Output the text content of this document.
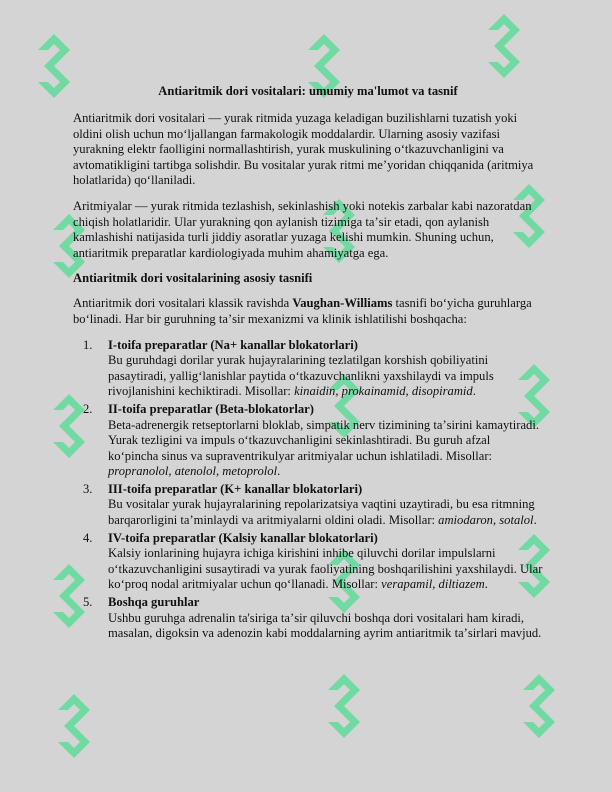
Antiaritmik dori vositalari: umumiy ma'lumot va tasnif

Antiaritmik dori vositalari — yurak ritmida yuzaga keladigan buzilishlarni tuzatish yoki oldini olish uchun moʻljallangan farmakologik moddalardir. Ularning asosiy vazifasi yurakning elektr faolligini normallashtirish, yurak muskulining oʻtkazuvchanligini va avtomatikligini tartibga solishdir. Bu vositalar yurak ritmi meʼyoridan chiqqanida (aritmiya holatlarida) qoʻllaniladi.

Aritmiyalar — yurak ritmida tezlashish, sekinlashish yoki notekis zarbalar kabi nazoratdan chiqish holatlaridir. Ular yurakning qon aylanish tizimiga taʼsir etadi, qon aylanish kamlashishi natijasida turli jiddiy asoratlar yuzaga kelishi mumkin. Shuning uchun, antiaritmik preparatlar kardiologiyada muhim ahamiyatga ega.

Antiaritmik dori vositalarining asosiy tasnifi

Antiaritmik dori vositalari klassik ravishda Vaughan-Williams tasnifi boʻyicha guruhlarga boʻlinadi. Har bir guruhning taʼsir mexanizmi va klinik ishlatilishi boshqacha:

1. I-toifa preparatlar (Na+ kanallar blokatorlari)
Bu guruhdagi dorilar yurak hujayralarining tezlatilgan korshish qobiliyatini pasaytiradi, yallig‘lanishlar paytida oʻtkazuvchanlikni yaxshilaydi va impuls rivojlanishini kechiktiradi. Misollar: kinaidin, prokainamid, disopiramid.
2. II-toifa preparatlar (Beta-blokatorlar)
Beta-adrenergik retseptorlarni bloklab, simpatik nerv tizimining taʼsirini kamaytiradi. Yurak tezligini va impuls oʻtkazuvchanligini sekinlashtiradi. Bu guruh afzal koʻpincha sinus va supraventrikulyar aritmiyalar uchun ishlatiladi. Misollar: propranolol, atenolol, metoprolol.
3. III-toifa preparatlar (K+ kanallar blokatorlari)
Bu vositalar yurak hujayralarining repolarizatsiya vaqtini uzaytiradi, bu esa ritmning barqarorligini taʼminlaydi va aritmiyalarni oldini oladi. Misollar: amiodaron, sotalol.
4. IV-toifa preparatlar (Kalsiy kanallar blokatorlari)
Kalsiy ionlarining hujayra ichiga kirishini inhibe qiluvchi dorilar impulslarni oʻtkazuvchanligini susaytiradi va yurak faoliyatining boshqarilishini yaxshilaydi. Ular koʻproq nodal aritmiyalar uchun qoʻllanadi. Misollar: verapamil, diltiazem.
5. Boshqa guruhlar
Ushbu guruhga adrenalin ta'siriga taʼsir qiluvchi boshqa dori vositalari ham kiradi, masalan, digoksin va adenozin kabi moddalarning ayrim antiaritmik taʼsirlari mavjud.
